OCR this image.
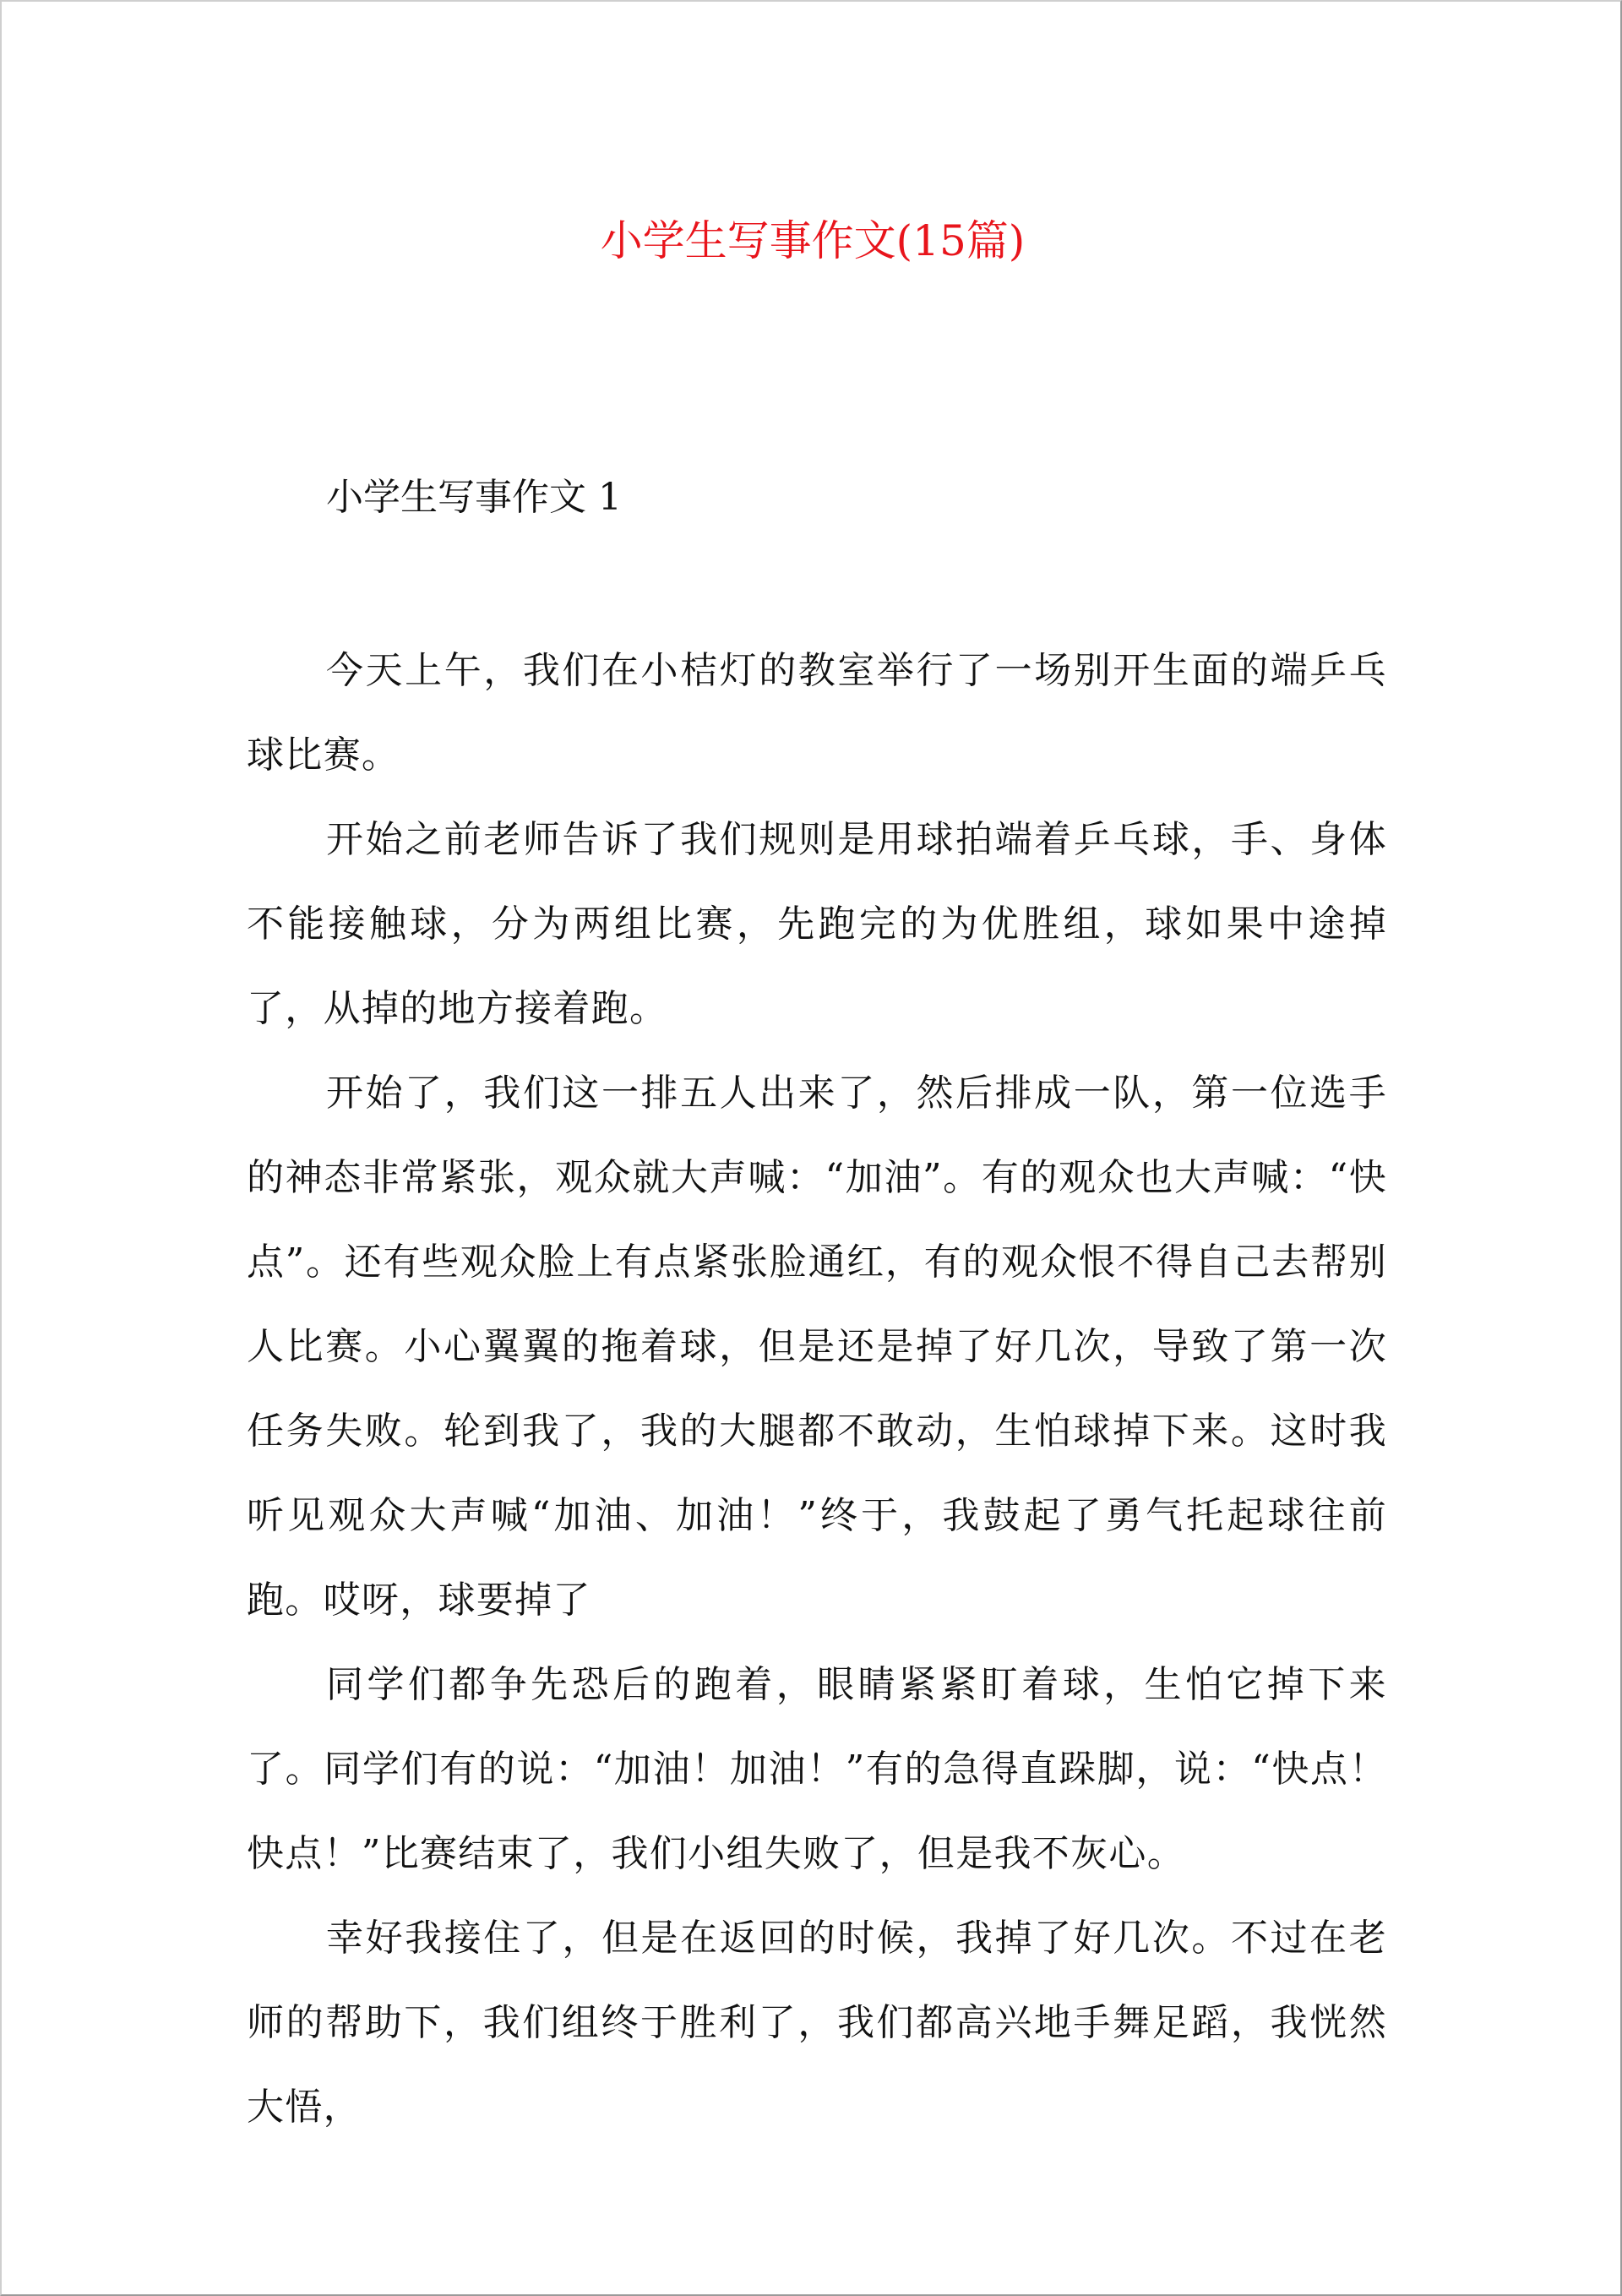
小学生写事作文(15篇)
小学生写事作文 1

今天上午，我们在小桔灯的教室举行了一场别开生面的端乒乓球比赛。

开始之前老师告诉了我们规则是用球拍端着乒乓球，手、身体不能接触球，分为两组比赛，先跑完的为优胜组，球如果中途掉了，从掉的地方接着跑。

开始了，我们这一排五人出来了，然后排成一队，第一位选手的神态非常紧张，观众就大声喊：“加油”。有的观众也大声喊：“快点”。还有些观众脸上有点紧张脸通红，有的观众恨不得自己去帮别人比赛。小心翼翼的拖着球，但是还是掉了好几次，导致了第一次任务失败。轮到我了，我的大腿都不敢动，生怕球掉下来。这时我听见观众大声喊“加油、加油！”终于，我鼓起了勇气托起球往前跑。哎呀，球要掉了

同学们都争先恐后的跑着，眼睛紧紧盯着球，生怕它掉下来了。同学们有的说：“加油！加油！”有的急得直跺脚，说：“快点！快点！”比赛结束了，我们小组失败了，但是我不灰心。

幸好我接住了，但是在返回的时候，我掉了好几次。不过在老师的帮助下，我们组终于胜利了，我们都高兴地手舞足蹈，我恍然大悟，
